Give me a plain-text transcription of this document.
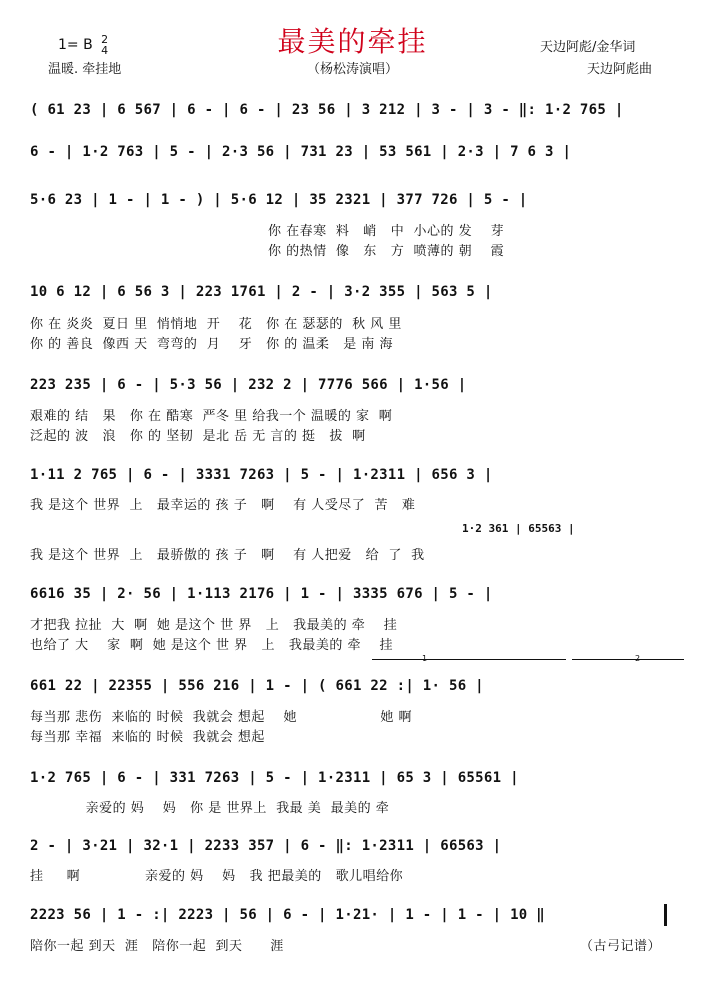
1= B 2
4
温暖. 牵挂地
最美的牵挂
（杨松涛演唱）
天边阿彪/金华词
天边阿彪曲
( 61 23 | 6 567 | 6 - | 6 - | 23 56 | 3 212 | 3 - | 3 - ‖: 1·2 765 |
6 - | 1·2 763 | 5 - | 2·3 56 | 731 23 | 53 561 | 2·3 | 7 6 3 |
5·6 23 | 1 - | 1 - ) | 5·6 12 | 35 2321 | 377 726 | 5 - |
你 在春寒  料   峭   中  小心的 发    芽
你 的热情  像   东   方  喷薄的 朝    霞
10 6 12 | 6 56 3 | 223 1761 | 2 - | 3·2 355 | 563 5 |
你 在 炎炎  夏日 里  悄悄地  开    花   你 在 瑟瑟的  秋 风 里
你 的 善良  像西 天  弯弯的  月    牙   你 的 温柔   是 南 海
223 235 | 6 - | 5·3 56 | 232 2 | 7776 566 | 1·56 |
艰难的 结   果   你 在 酷寒  严冬 里 给我一个 温暖的 家  啊
泛起的 波   浪   你 的 坚韧  是北 岳 无 言的 挺   拔  啊
1·11 2 765 | 6 - | 3331 7263 | 5 - | 1·2311 | 656 3 |
我 是这个 世界  上   最幸运的 孩 子   啊    有 人受尽了  苦   难
1·2 361 | 65563 |
我 是这个 世界  上   最骄傲的 孩 子   啊    有 人把爱   给  了  我
6616 35 | 2· 56 | 1·113 2176 | 1 - | 3335 676 | 5 - |
才把我 拉扯  大  啊  她 是这个 世 界   上   我最美的 牵    挂
也给了 大    家  啊  她 是这个 世 界   上   我最美的 牵    挂
1	2
661 22 | 22355 | 556 216 | 1 - | ( 661 22 :| 1· 56 |
每当那 悲伤  来临的 时候  我就会 想起    她                  她 啊
每当那 幸福  来临的 时候  我就会 想起
1·2 765 | 6 - | 331 7263 | 5 - | 1·2311 | 65 3 | 65561 |
亲爱的 妈    妈   你 是 世界上  我最 美  最美的 牵
2 - | 3·21 | 32·1 | 2233 357 | 6 - ‖: 1·2311 | 66563 |
挂     啊              亲爱的 妈    妈   我 把最美的   歌儿唱给你
2223 56 | 1 - :| 2223 | 56 | 6 - | 1·21· | 1 - | 1 - | 10 ‖
陪你一起 到天  涯   陪你一起  到天      涯	（古弓记谱）
